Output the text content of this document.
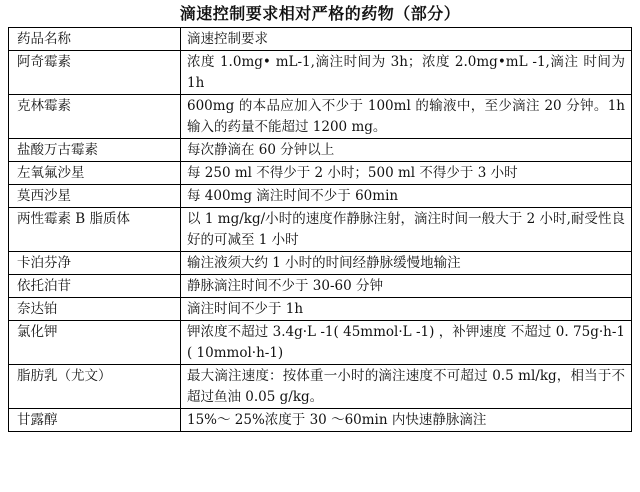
滴速控制要求相对严格的药物（部分）
药品名称	滴速控制要求
阿奇霉素	浓度 1.0mg• mL-1,滴注时间为 3h；浓度 2.0mg•mL -1,滴注 时间为 1h
克林霉素	600mg 的本品应加入不少于 100ml 的输液中，至少滴注 20 分钟。1h 输入的药量不能超过 1200 mg。
盐酸万古霉素	每次静滴在 60 分钟以上
左氧氟沙星	每 250 ml 不得少于 2 小时；500 ml 不得少于 3 小时
莫西沙星	每 400mg 滴注时间不少于 60min
两性霉素 B 脂质体	以 1 mg/kg/小时的速度作静脉注射，滴注时间一般大于 2 小时,耐受性良好的可减至 1 小时
卡泊芬净	输注液须大约 1 小时的时间经静脉缓慢地输注
依托泊苷	静脉滴注时间不少于 30-60 分钟
奈达铂	滴注时间不少于 1h
氯化钾	钾浓度不超过 3.4g·L -1( 45mmol·L -1) ，补钾速度 不超过 0. 75g·h-1( 10mmol·h-1)
脂肪乳（尤文）	最大滴注速度：按体重一小时的滴注速度不可超过 0.5 ml/kg，相当于不超过鱼油 0.05 g/kg。
甘露醇	15%～ 25%浓度于 30 ～60min 内快速静脉滴注
